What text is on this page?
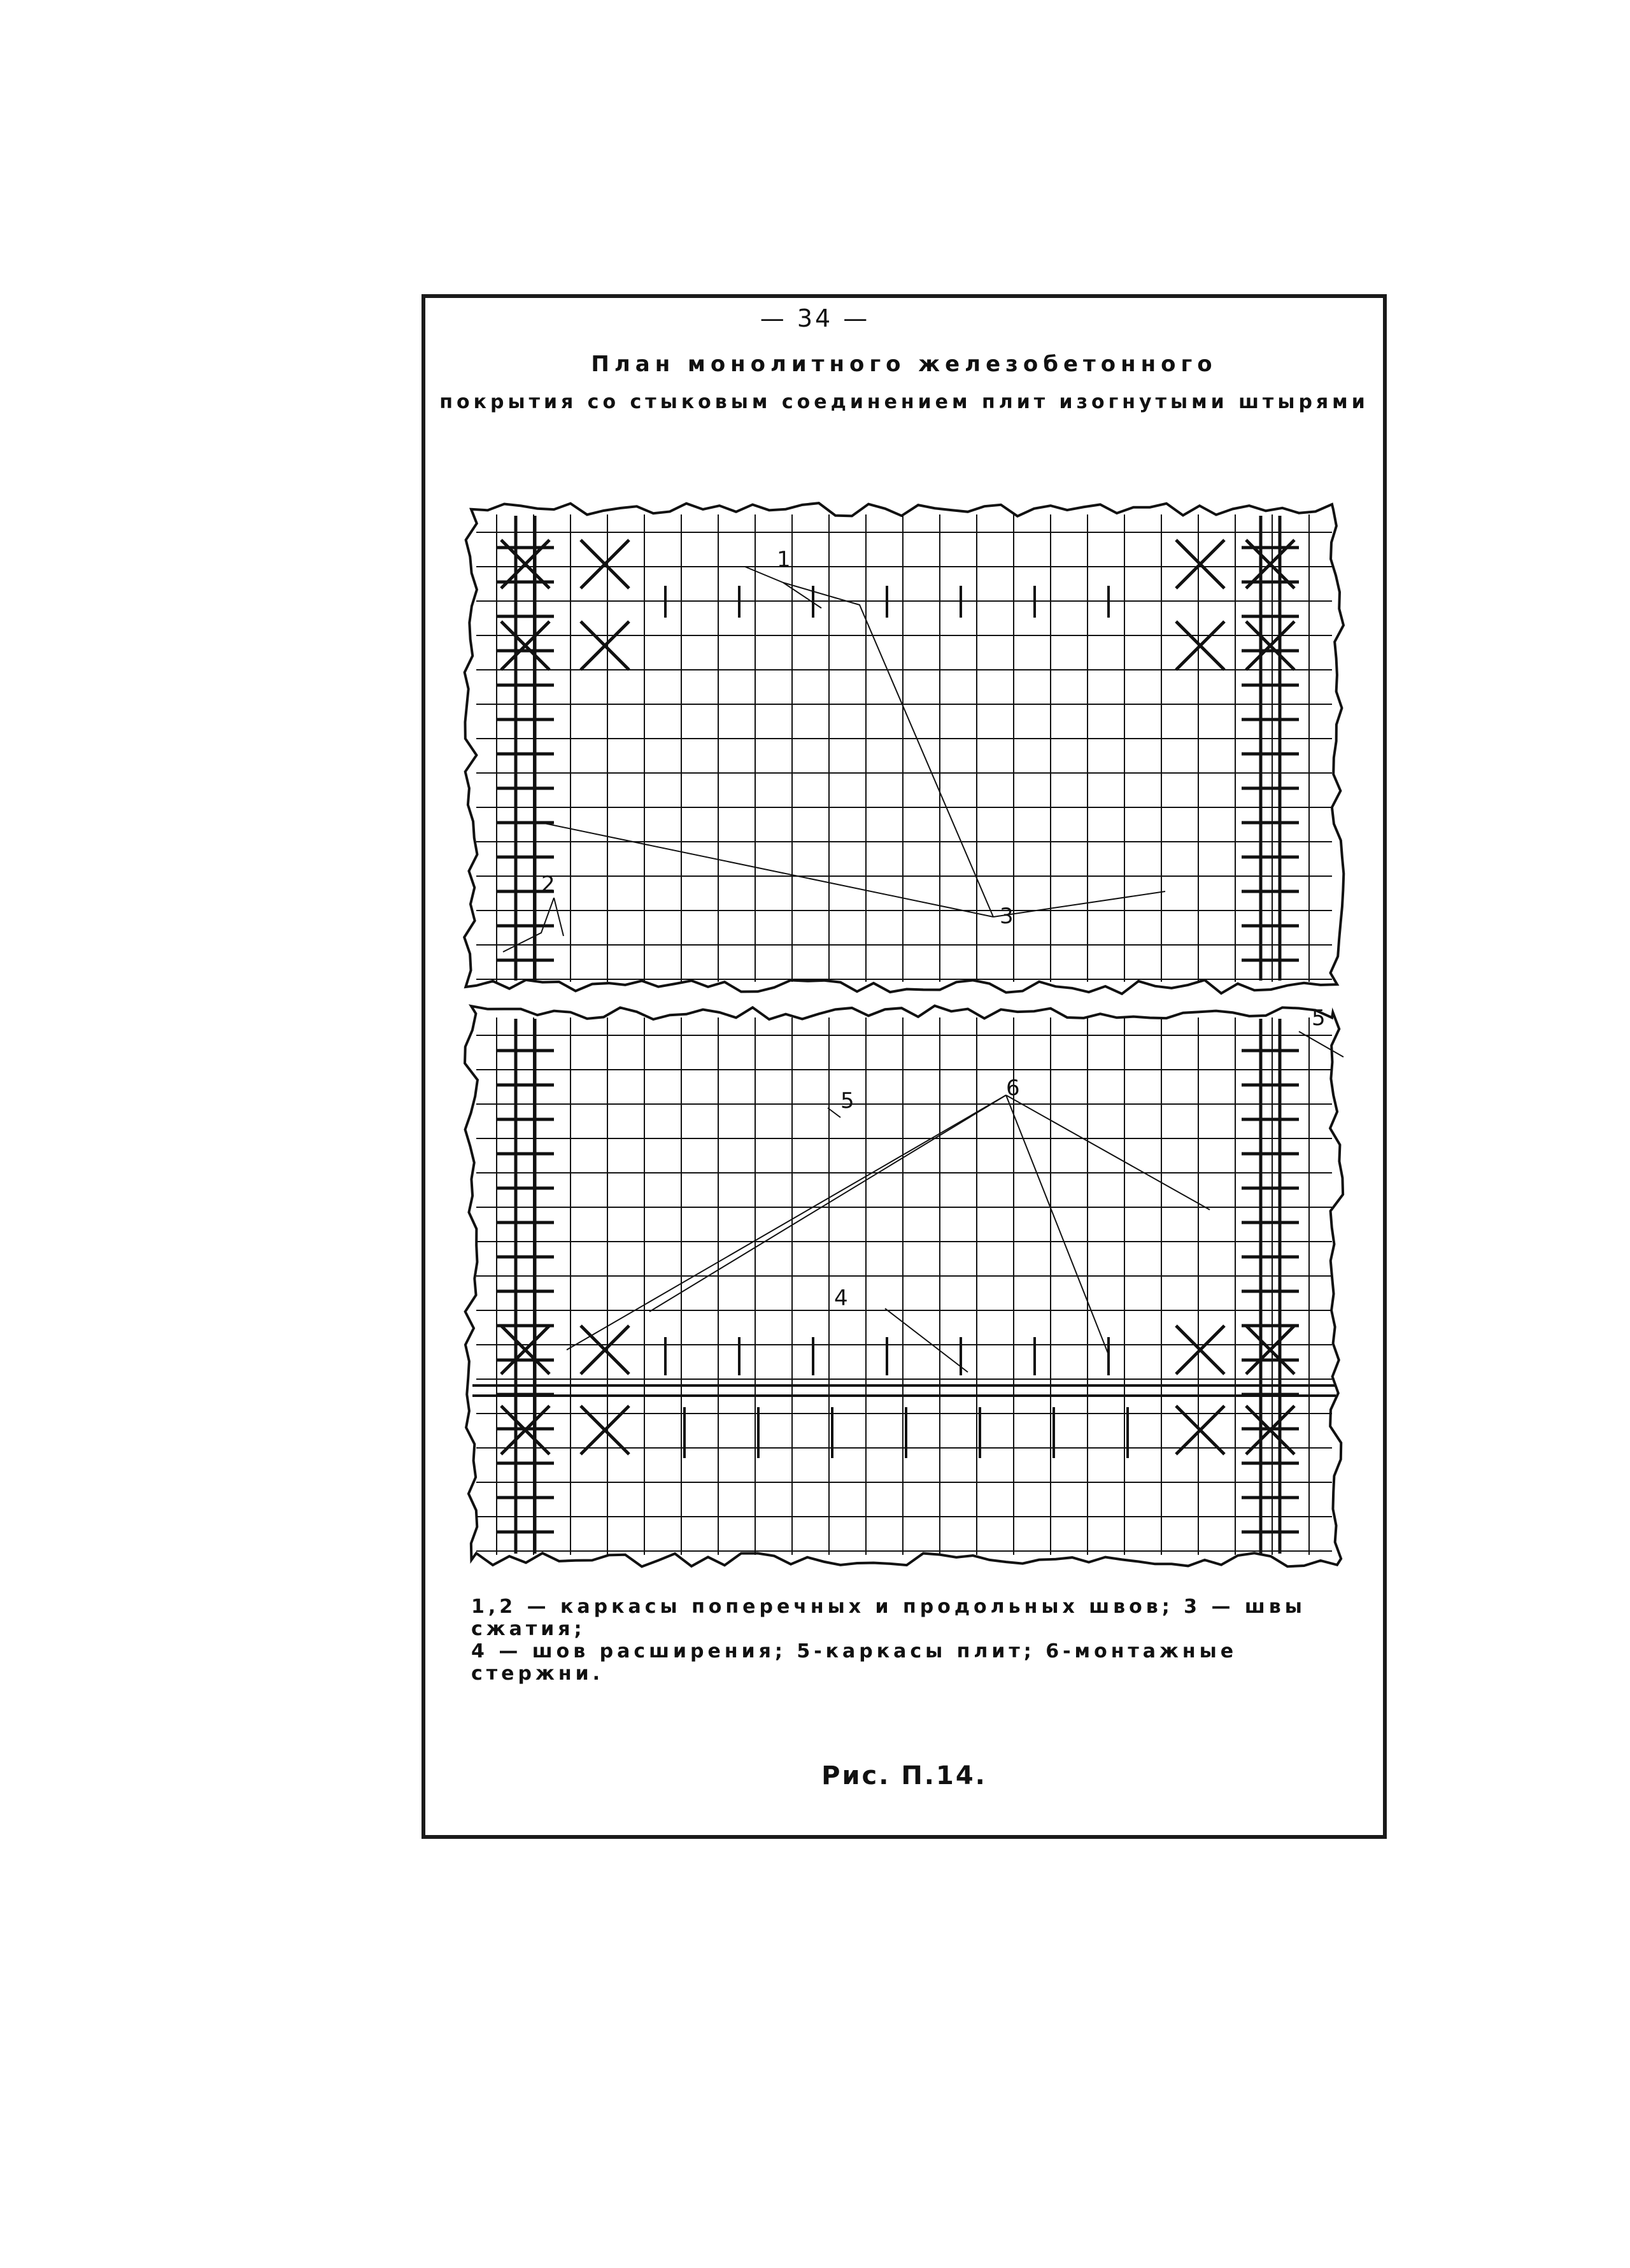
— 34 —
План монолитного железобетонного
покрытия со стыковым соединением плит изогнутыми штырями
1
2
3
4
5	6
5
1,2 — каркасы поперечных и продольных швов; 3 — швы сжатия;
4 — шов расширения; 5-каркасы плит; 6-монтажные стержни.
Рис. П.14.
